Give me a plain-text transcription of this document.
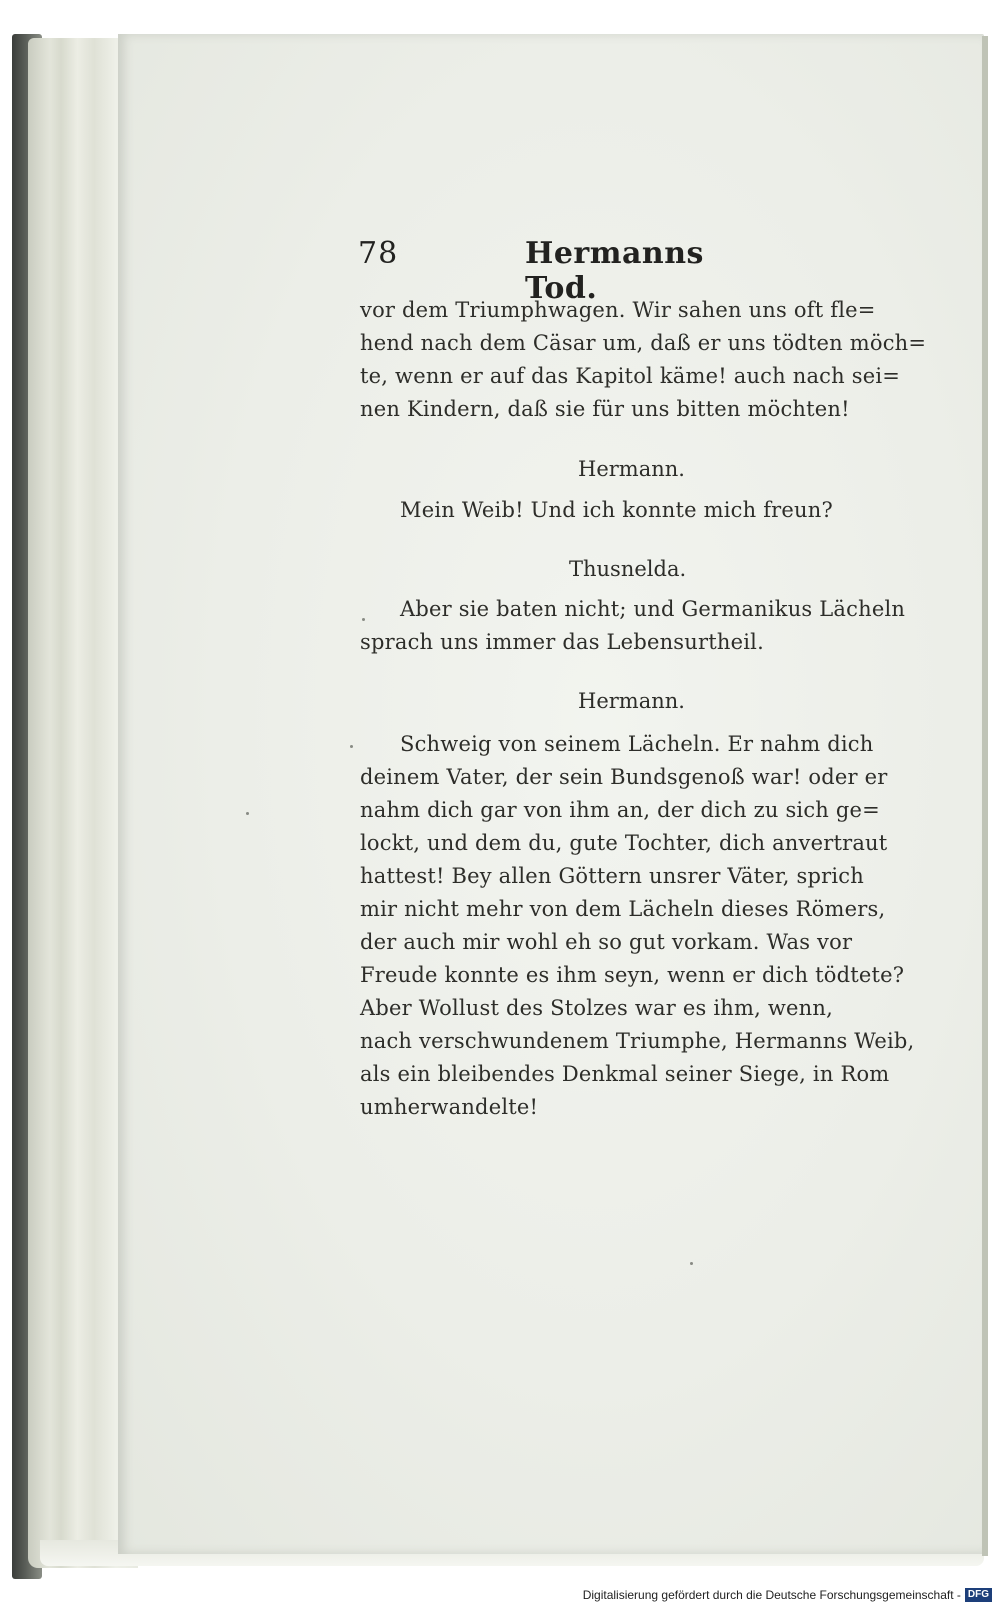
78	Hermanns Tod.
vor dem Triumphwagen. Wir sahen uns oft fle=
hend nach dem Cäsar um, daß er uns tödten möch=
te, wenn er auf das Kapitol käme! auch nach sei=
nen Kindern, daß sie für uns bitten möchten!
Hermann.
Mein Weib! Und ich konnte mich freun?
Thusnelda.
Aber sie baten nicht; und Germanikus Lächeln
sprach uns immer das Lebensurtheil.
Hermann.
Schweig von seinem Lächeln. Er nahm dich
deinem Vater, der sein Bundsgenoß war! oder er
nahm dich gar von ihm an, der dich zu sich ge=
lockt, und dem du, gute Tochter, dich anvertraut
hattest! Bey allen Göttern unsrer Väter, sprich
mir nicht mehr von dem Lächeln dieses Römers,
der auch mir wohl eh so gut vorkam. Was vor
Freude konnte es ihm seyn, wenn er dich tödtete?
Aber Wollust des Stolzes war es ihm, wenn,
nach verschwundenem Triumphe, Hermanns Weib,
als ein bleibendes Denkmal seiner Siege, in Rom
umherwandelte!
Digitalisierung gefördert durch die Deutsche Forschungsgemeinschaft - DFG
